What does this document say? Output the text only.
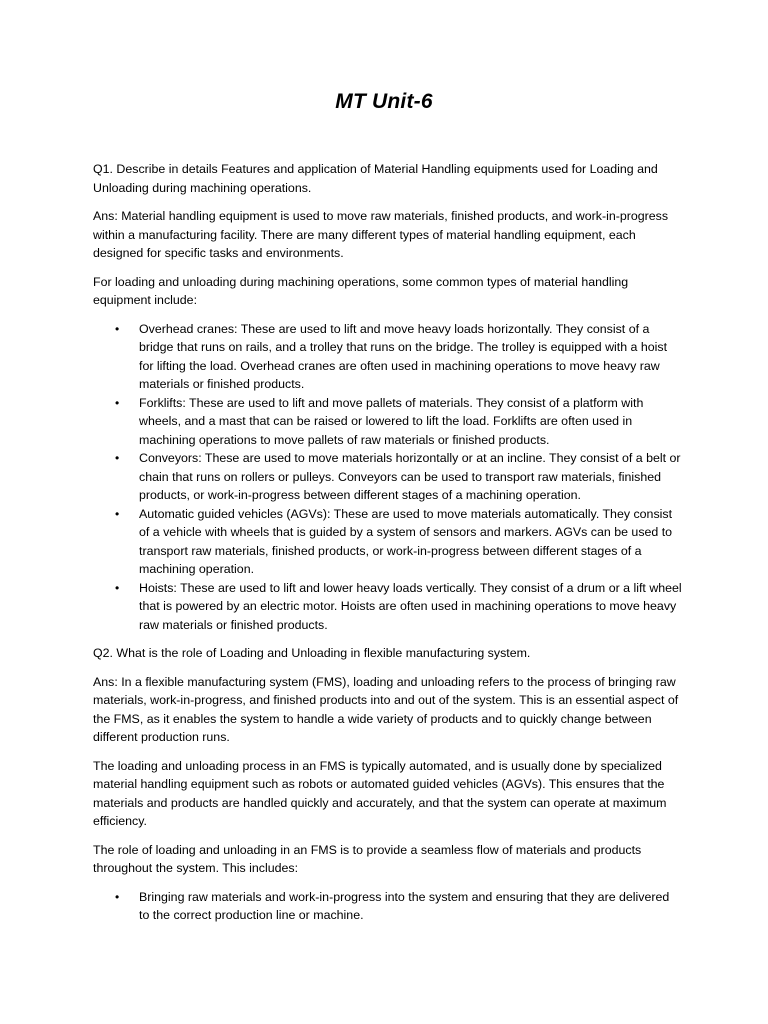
MT Unit-6

Q1. Describe in details Features and application of Material Handling equipments used for Loading and Unloading during machining operations.

Ans: Material handling equipment is used to move raw materials, finished products, and work-in-progress within a manufacturing facility. There are many different types of material handling equipment, each designed for specific tasks and environments.

For loading and unloading during machining operations, some common types of material handling equipment include:

• Overhead cranes: These are used to lift and move heavy loads horizontally. They consist of a bridge that runs on rails, and a trolley that runs on the bridge. The trolley is equipped with a hoist for lifting the load. Overhead cranes are often used in machining operations to move heavy raw materials or finished products.
• Forklifts: These are used to lift and move pallets of materials. They consist of a platform with wheels, and a mast that can be raised or lowered to lift the load. Forklifts are often used in machining operations to move pallets of raw materials or finished products.
• Conveyors: These are used to move materials horizontally or at an incline. They consist of a belt or chain that runs on rollers or pulleys. Conveyors can be used to transport raw materials, finished products, or work-in-progress between different stages of a machining operation.
• Automatic guided vehicles (AGVs): These are used to move materials automatically. They consist of a vehicle with wheels that is guided by a system of sensors and markers. AGVs can be used to transport raw materials, finished products, or work-in-progress between different stages of a machining operation.
• Hoists: These are used to lift and lower heavy loads vertically. They consist of a drum or a lift wheel that is powered by an electric motor. Hoists are often used in machining operations to move heavy raw materials or finished products.

Q2. What is the role of Loading and Unloading in flexible manufacturing system.

Ans: In a flexible manufacturing system (FMS), loading and unloading refers to the process of bringing raw materials, work-in-progress, and finished products into and out of the system. This is an essential aspect of the FMS, as it enables the system to handle a wide variety of products and to quickly change between different production runs.

The loading and unloading process in an FMS is typically automated, and is usually done by specialized material handling equipment such as robots or automated guided vehicles (AGVs). This ensures that the materials and products are handled quickly and accurately, and that the system can operate at maximum efficiency.

The role of loading and unloading in an FMS is to provide a seamless flow of materials and products throughout the system. This includes:

• Bringing raw materials and work-in-progress into the system and ensuring that they are delivered to the correct production line or machine.
